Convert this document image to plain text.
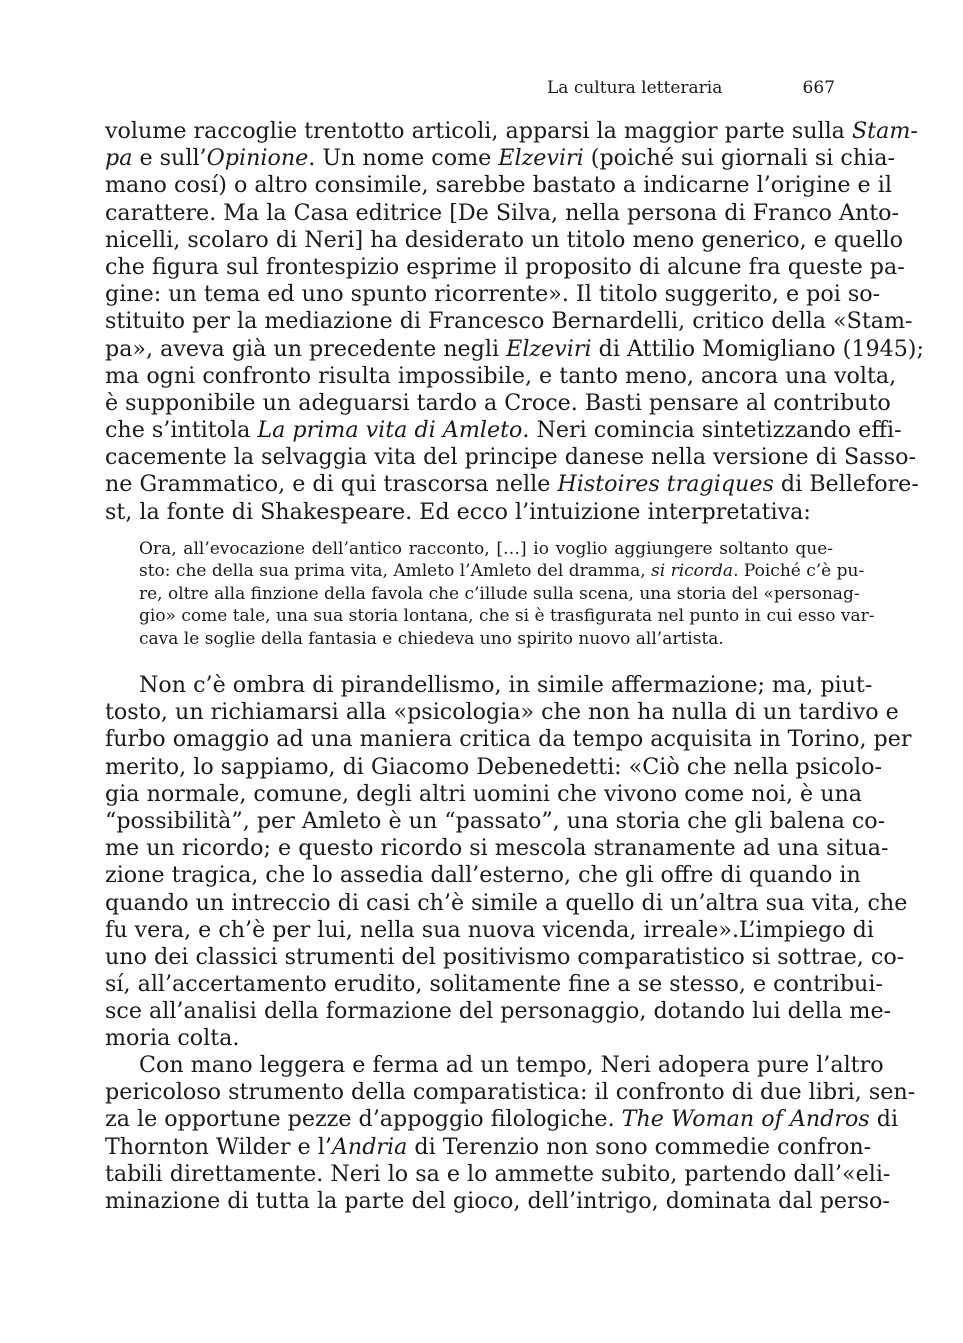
La cultura letteraria	667
volume raccoglie trentotto articoli, apparsi la maggior parte sulla Stam-
pa e sull’Opinione. Un nome come Elzeviri (poiché sui giornali si chia-
mano cosí) o altro consimile, sarebbe bastato a indicarne l’origine e il
carattere. Ma la Casa editrice [De Silva, nella persona di Franco Anto-
nicelli, scolaro di Neri] ha desiderato un titolo meno generico, e quello
che figura sul frontespizio esprime il proposito di alcune fra queste pa-
gine: un tema ed uno spunto ricorrente». Il titolo suggerito, e poi so-
stituito per la mediazione di Francesco Bernardelli, critico della «Stam-
pa», aveva già un precedente negli Elzeviri di Attilio Momigliano (1945);
ma ogni confronto risulta impossibile, e tanto meno, ancora una volta,
è supponibile un adeguarsi tardo a Croce. Basti pensare al contributo
che s’intitola La prima vita di Amleto. Neri comincia sintetizzando effi-
cacemente la selvaggia vita del principe danese nella versione di Sasso-
ne Grammatico, e di qui trascorsa nelle Histoires tragiques di Bellefore-
st, la fonte di Shakespeare. Ed ecco l’intuizione interpretativa:
Ora, all’evocazione dell’antico racconto, […] io voglio aggiungere soltanto que-
sto: che della sua prima vita, Amleto l’Amleto del dramma, si ricorda. Poiché c’è pu-
re, oltre alla finzione della favola che c’illude sulla scena, una storia del «personag-
gio» come tale, una sua storia lontana, che si è trasfigurata nel punto in cui esso var-
cava le soglie della fantasia e chiedeva uno spirito nuovo all’artista.
Non c’è ombra di pirandellismo, in simile affermazione; ma, piut-
tosto, un richiamarsi alla «psicologia» che non ha nulla di un tardivo e
furbo omaggio ad una maniera critica da tempo acquisita in Torino, per
merito, lo sappiamo, di Giacomo Debenedetti: «Ciò che nella psicolo-
gia normale, comune, degli altri uomini che vivono come noi, è una
“possibilità”, per Amleto è un “passato”, una storia che gli balena co-
me un ricordo; e questo ricordo si mescola stranamente ad una situa-
zione tragica, che lo assedia dall’esterno, che gli offre di quando in
quando un intreccio di casi ch’è simile a quello di un’altra sua vita, che
fu vera, e ch’è per lui, nella sua nuova vicenda, irreale».L’impiego di
uno dei classici strumenti del positivismo comparatistico si sottrae, co-
sí, all’accertamento erudito, solitamente fine a se stesso, e contribui-
sce all’analisi della formazione del personaggio, dotando lui della me-
moria colta.
Con mano leggera e ferma ad un tempo, Neri adopera pure l’altro
pericoloso strumento della comparatistica: il confronto di due libri, sen-
za le opportune pezze d’appoggio filologiche. The Woman of Andros di
Thornton Wilder e l’Andria di Terenzio non sono commedie confron-
tabili direttamente. Neri lo sa e lo ammette subito, partendo dall’«eli-
minazione di tutta la parte del gioco, dell’intrigo, dominata dal perso-
